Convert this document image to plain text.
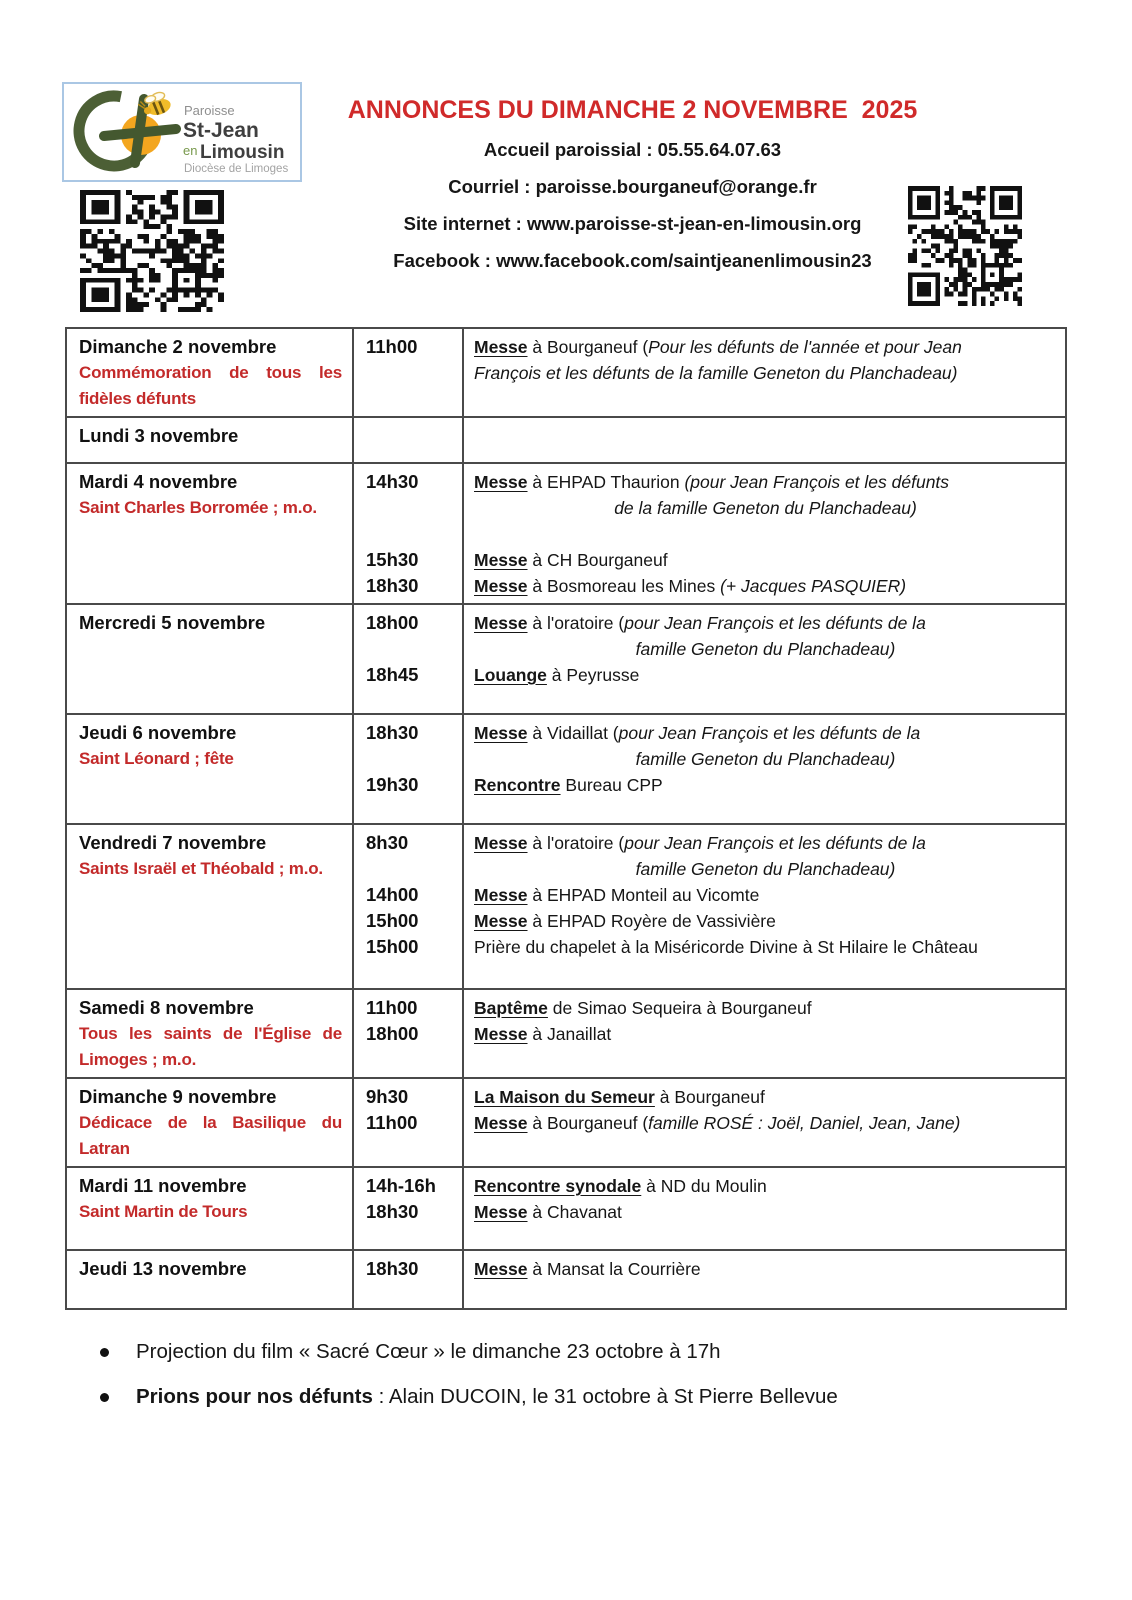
Paroisse
St-Jean
en Limousin
Diocèse de Limoges
ANNONCES DU DIMANCHE 2 NOVEMBRE  2025
Accueil paroissial : 05.55.64.07.63
Courriel : paroisse.bourganeuf@orange.fr
Site internet : www.paroisse-st-jean-en-limousin.org
Facebook : www.facebook.com/saintjeanenlimousin23
Dimanche 2 novembre
Commémoration de tous les fidèles défunts
11h00	Messe à Bourganeuf (Pour les défunts de l'année et pour Jean
François et les défunts de la famille Geneton du Planchadeau)
Lundi 3 novembre
Mardi 4 novembre
Saint Charles Borromée ; m.o.
14h30	Messe à EHPAD Thaurion (pour Jean François et les défunts
de la famille Geneton du Planchadeau)
15h30	Messe à CH Bourganeuf
18h30	Messe à Bosmoreau les Mines (+ Jacques PASQUIER)
Mercredi 5 novembre	18h00	Messe à l'oratoire (pour Jean François et les défunts de la
famille Geneton du Planchadeau)
18h45	Louange à Peyrusse
Jeudi 6 novembre
Saint Léonard ; fête
18h30	Messe à Vidaillat (pour Jean François et les défunts de la
famille Geneton du Planchadeau)
19h30	Rencontre Bureau CPP
Vendredi 7 novembre
Saints Israël et Théobald ; m.o.
8h30	Messe à l'oratoire (pour Jean François et les défunts de la
famille Geneton du Planchadeau)
14h00	Messe à EHPAD Monteil au Vicomte
15h00	Messe à EHPAD Royère de Vassivière
15h00	Prière du chapelet à la Miséricorde Divine à St Hilaire le Château
Samedi 8 novembre
Tous les saints de l'Église de Limoges ; m.o.
11h00	Baptême de Simao Sequeira à Bourganeuf
18h00	Messe à Janaillat
Dimanche 9 novembre
Dédicace de la Basilique du Latran
9h30	La Maison du Semeur à Bourganeuf
11h00	Messe à Bourganeuf (famille ROSÉ : Joël, Daniel, Jean, Jane)
Mardi 11 novembre
Saint Martin de Tours
14h-16h	Rencontre synodale à ND du Moulin
18h30	Messe à Chavanat
Jeudi 13 novembre	18h30	Messe à Mansat la Courrière
Projection du film « Sacré Cœur » le dimanche 23 octobre à 17h
Prions pour nos défunts : Alain DUCOIN, le 31 octobre à St Pierre Bellevue
